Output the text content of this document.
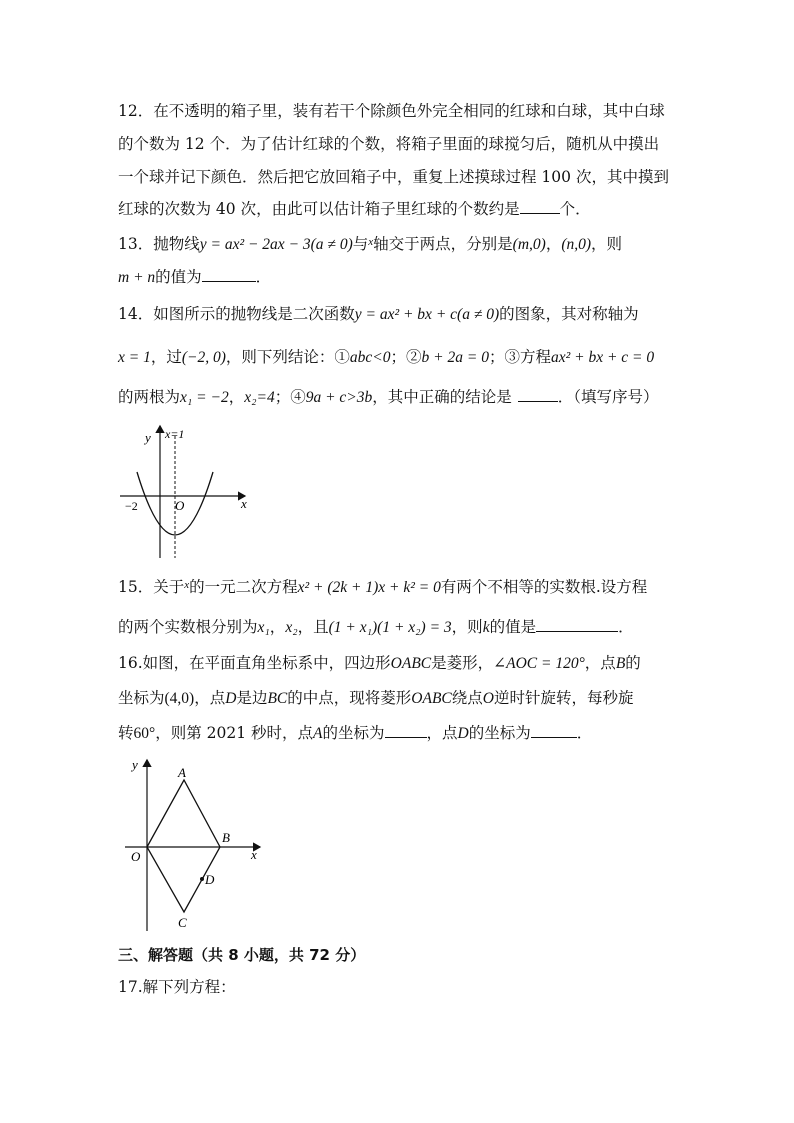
12．在不透明的箱子里，装有若干个除颜色外完全相同的红球和白球，其中白球
的个数为 12 个．为了估计红球的个数，将箱子里面的球搅匀后，随机从中摸出
一个球并记下颜色．然后把它放回箱子中，重复上述摸球过程 100 次，其中摸到
红球的次数为 40 次，由此可以估计箱子里红球的个数约是	个．
13．抛物线y = ax² − 2ax − 3(a ≠ 0)与$^x$轴交于两点，分别是(m,0)，(n,0)，则
m + n的值为	．
14．如图所示的抛物线是二次函数y = ax² + bx + c(a ≠ 0)的图象，其对称轴为
x = 1，过(−2, 0)，则下列结论：①abc<0；②b + 2a = 0；③方程ax² + bx + c = 0
的两根为x₁ = −2，x₂=4；④9a + c>3b，其中正确的结论是	．（填写序号）
y x=1
x
O
−2
15．关于$^x$的一元二次方程x² + (2k + 1)x + k² = 0有两个不相等的实数根.设方程
的两个实数根分别为x₁，x₂，且(1 + x₁)(1 + x₂) = 3，则k的值是	．
16.如图，在平面直角坐标系中，四边形OABC是菱形，∠AOC = 120°，点B的
坐标为(4,0)，点D是边BC的中点，现将菱形OABC绕点O逆时针旋转，每秒旋
转60°，则第 2021 秒时，点A的坐标为	，点D的坐标为	．
y
x
O
A
B
C
D
三、解答题（共 8 小题，共 72 分）
17.解下列方程：
